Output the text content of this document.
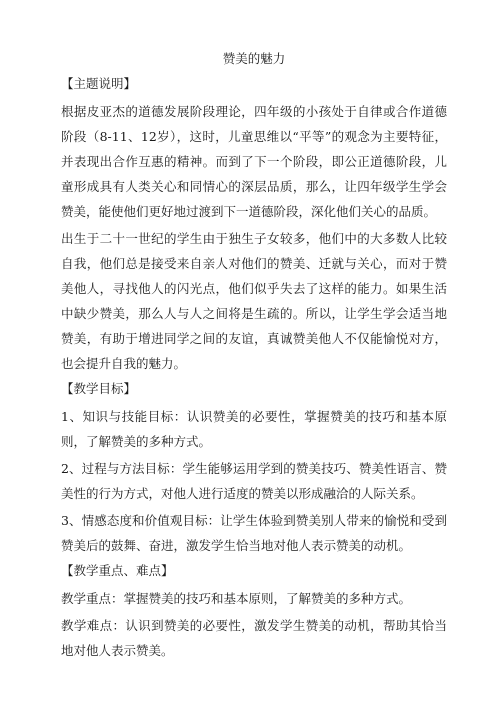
赞美的魅力
【主题说明】
根据皮亚杰的道德发展阶段理论，四年级的小孩处于自律或合作道德阶段（8-11、12岁），这时，儿童思维以“平等”的观念为主要特征，并表现出合作互惠的精神。而到了下一个阶段，即公正道德阶段，儿童形成具有人类关心和同情心的深层品质，那么，让四年级学生学会赞美，能使他们更好地过渡到下一道德阶段，深化他们关心的品质。
出生于二十一世纪的学生由于独生子女较多，他们中的大多数人比较自我，他们总是接受来自亲人对他们的赞美、迁就与关心，而对于赞美他人，寻找他人的闪光点，他们似乎失去了这样的能力。如果生活中缺少赞美，那么人与人之间将是生疏的。所以，让学生学会适当地赞美，有助于增进同学之间的友谊，真诚赞美他人不仅能愉悦对方，也会提升自我的魅力。
【教学目标】
1、知识与技能目标：认识赞美的必要性，掌握赞美的技巧和基本原则，了解赞美的多种方式。
2、过程与方法目标：学生能够运用学到的赞美技巧、赞美性语言、赞美性的行为方式，对他人进行适度的赞美以形成融洽的人际关系。
3、情感态度和价值观目标：让学生体验到赞美别人带来的愉悦和受到赞美后的鼓舞、奋进，激发学生恰当地对他人表示赞美的动机。
【教学重点、难点】
教学重点：掌握赞美的技巧和基本原则，了解赞美的多种方式。
教学难点：认识到赞美的必要性，激发学生赞美的动机，帮助其恰当地对他人表示赞美。
